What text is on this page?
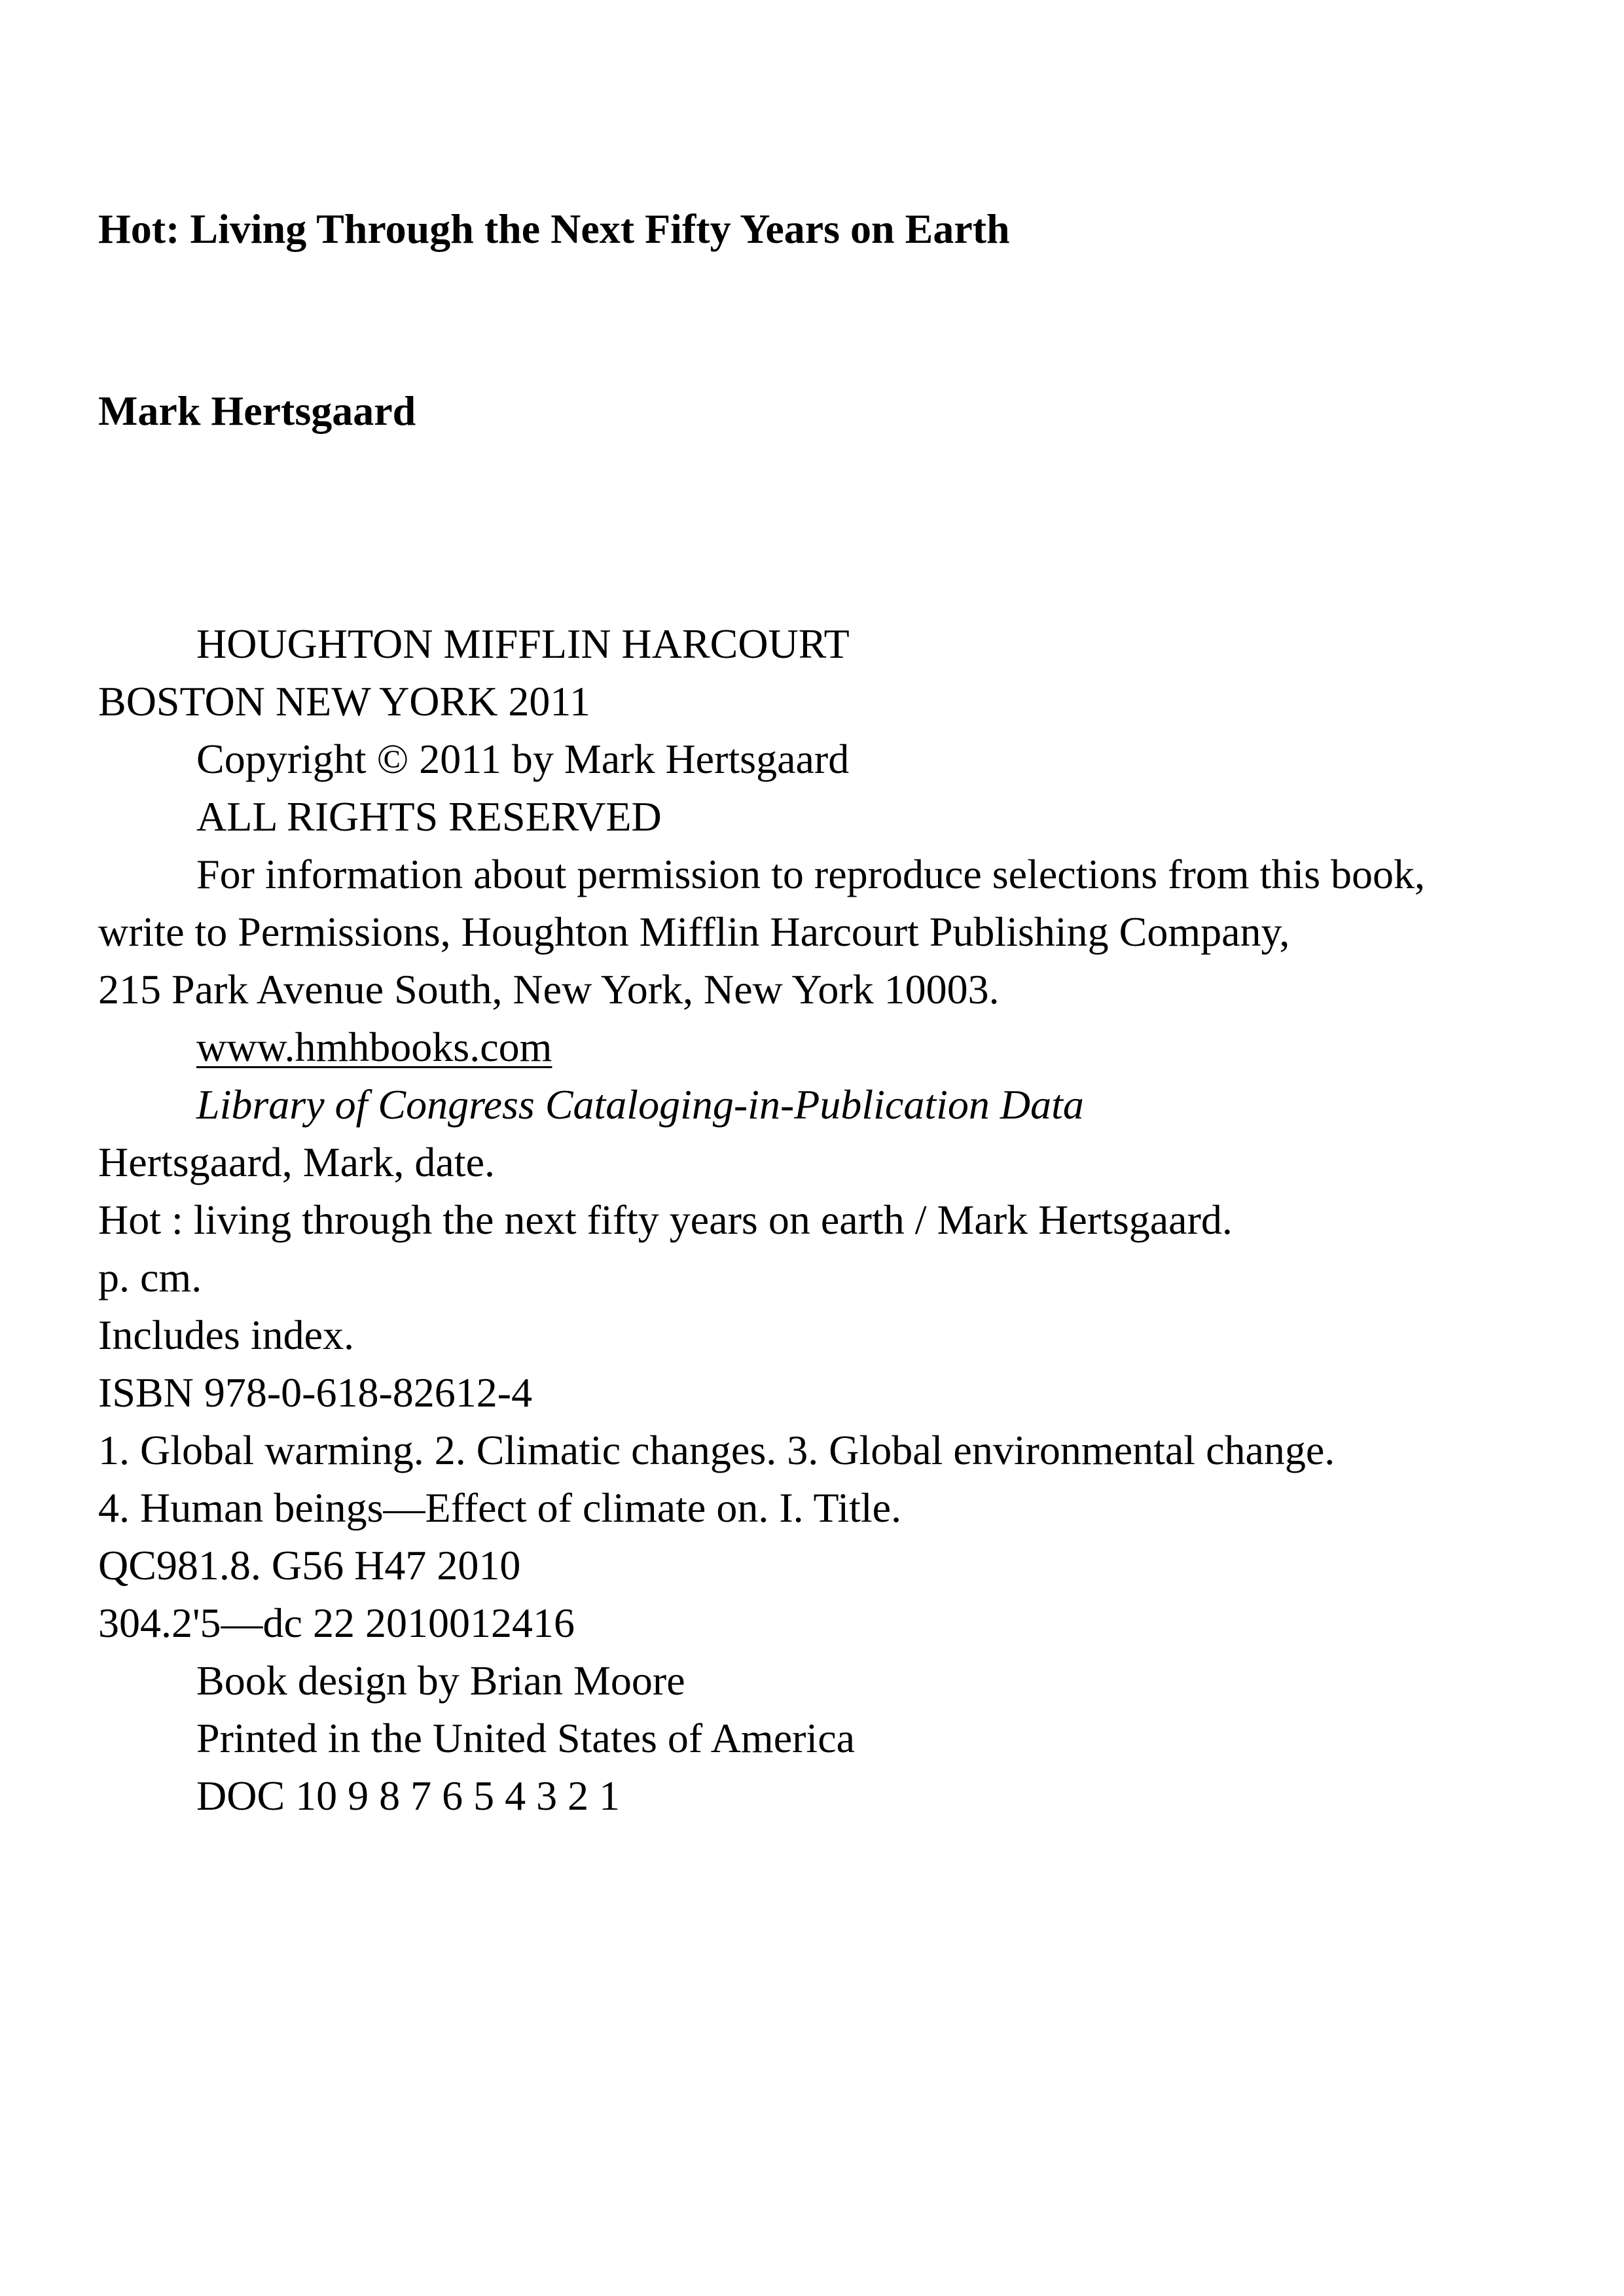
Hot: Living Through the Next Fifty Years on Earth
Mark Hertsgaard

HOUGHTON MIFFLIN HARCOURT

BOSTON NEW YORK 2011

Copyright © 2011 by Mark Hertsgaard

ALL RIGHTS RESERVED

For information about permission to reproduce selections from this book,

write to Permissions, Houghton Mifflin Harcourt Publishing Company,

215 Park Avenue South, New York, New York 10003.

www.hmhbooks.com

Library of Congress Cataloging-in-Publication Data

Hertsgaard, Mark, date.

Hot : living through the next fifty years on earth / Mark Hertsgaard.

p. cm.

Includes index.

ISBN 978-0-618-82612-4

1. Global warming. 2. Climatic changes. 3. Global environmental change.

4. Human beings—Effect of climate on. I. Title.

QC981.8. G56 H47 2010

304.2'5—dc 22 2010012416

Book design by Brian Moore

Printed in the United States of America

DOC 10 9 8 7 6 5 4 3 2 1
